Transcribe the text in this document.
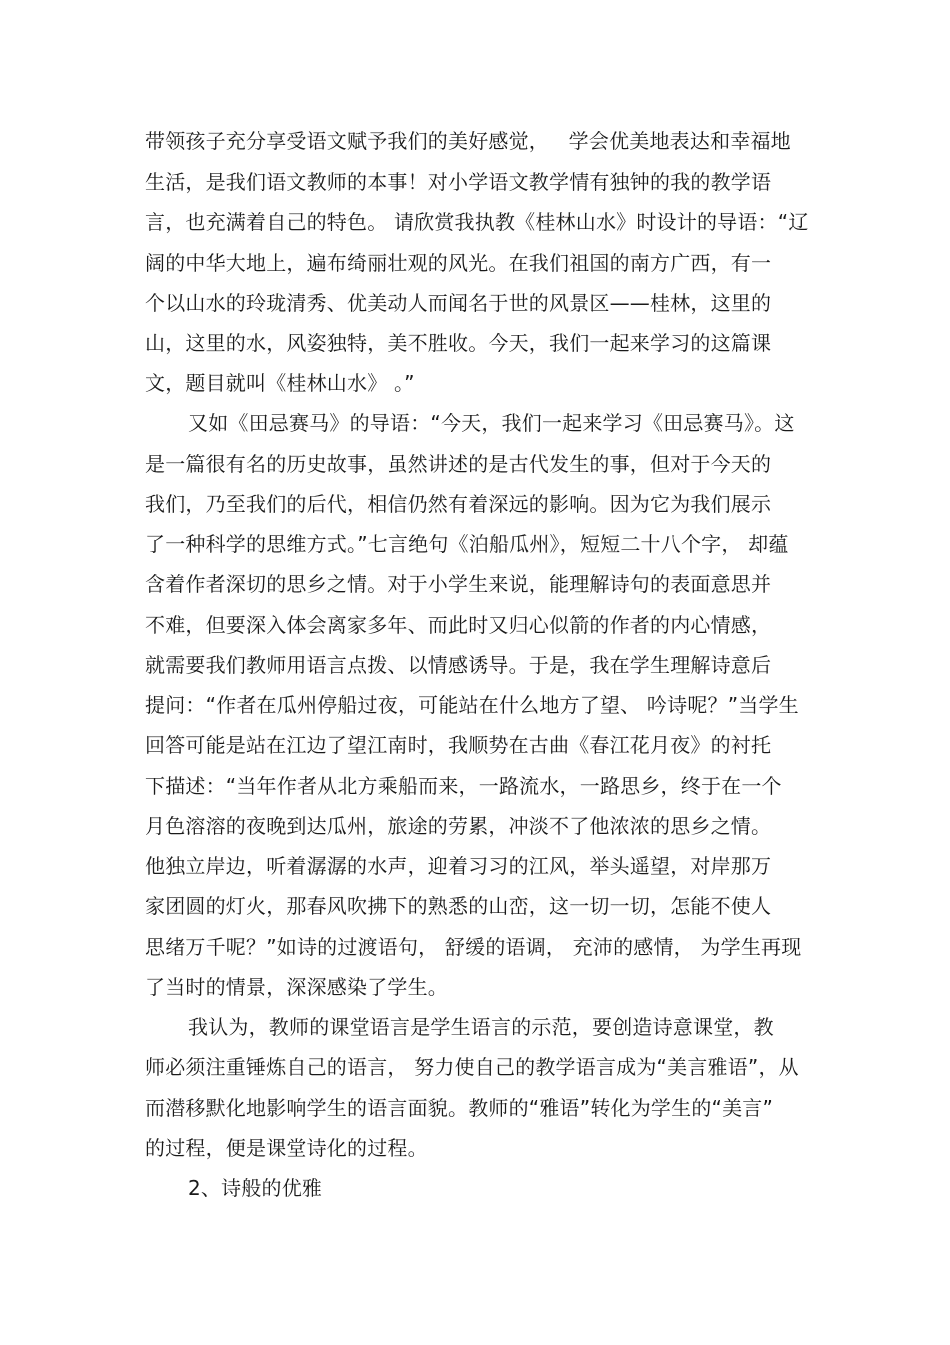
带领孩子充分享受语文赋予我们的美好感觉，   学会优美地表达和幸福地
生活，是我们语文教师的本事！对小学语文教学情有独钟的我的教学语
言，也充满着自己的特色。 请欣赏我执教《桂林山水》时设计的导语：“辽
阔的中华大地上，遍布绮丽壮观的风光。在我们祖国的南方广西，有一
个以山水的玲珑清秀、优美动人而闻名于世的风景区——桂林，这里的
山，这里的水，风姿独特，美不胜收。今天，我们一起来学习的这篇课
文，题目就叫《桂林山水》 。”
又如《田忌赛马》的导语：“今天，我们一起来学习《田忌赛马》。这
是一篇很有名的历史故事，虽然讲述的是古代发生的事，但对于今天的
我们，乃至我们的后代，相信仍然有着深远的影响。因为它为我们展示
了一种科学的思维方式。”七言绝句《泊船瓜州》，短短二十八个字， 却蕴
含着作者深切的思乡之情。对于小学生来说，能理解诗句的表面意思并
不难，但要深入体会离家多年、而此时又归心似箭的作者的内心情感，
就需要我们教师用语言点拨、以情感诱导。于是，我在学生理解诗意后
提问：“作者在瓜州停船过夜，可能站在什么地方了望、 吟诗呢？”当学生
回答可能是站在江边了望江南时，我顺势在古曲《春江花月夜》的衬托
下描述：“当年作者从北方乘船而来，一路流水，一路思乡，终于在一个
月色溶溶的夜晚到达瓜州，旅途的劳累，冲淡不了他浓浓的思乡之情。
他独立岸边，听着潺潺的水声，迎着习习的江风，举头遥望，对岸那万
家团圆的灯火，那春风吹拂下的熟悉的山峦，这一切一切，怎能不使人
思绪万千呢？”如诗的过渡语句， 舒缓的语调， 充沛的感情， 为学生再现
了当时的情景，深深感染了学生。
我认为，教师的课堂语言是学生语言的示范，要创造诗意课堂，教
师必须注重锤炼自己的语言， 努力使自己的教学语言成为“美言雅语”，从
而潜移默化地影响学生的语言面貌。教师的“雅语”转化为学生的“美言”
的过程，便是课堂诗化的过程。
2、诗般的优雅
